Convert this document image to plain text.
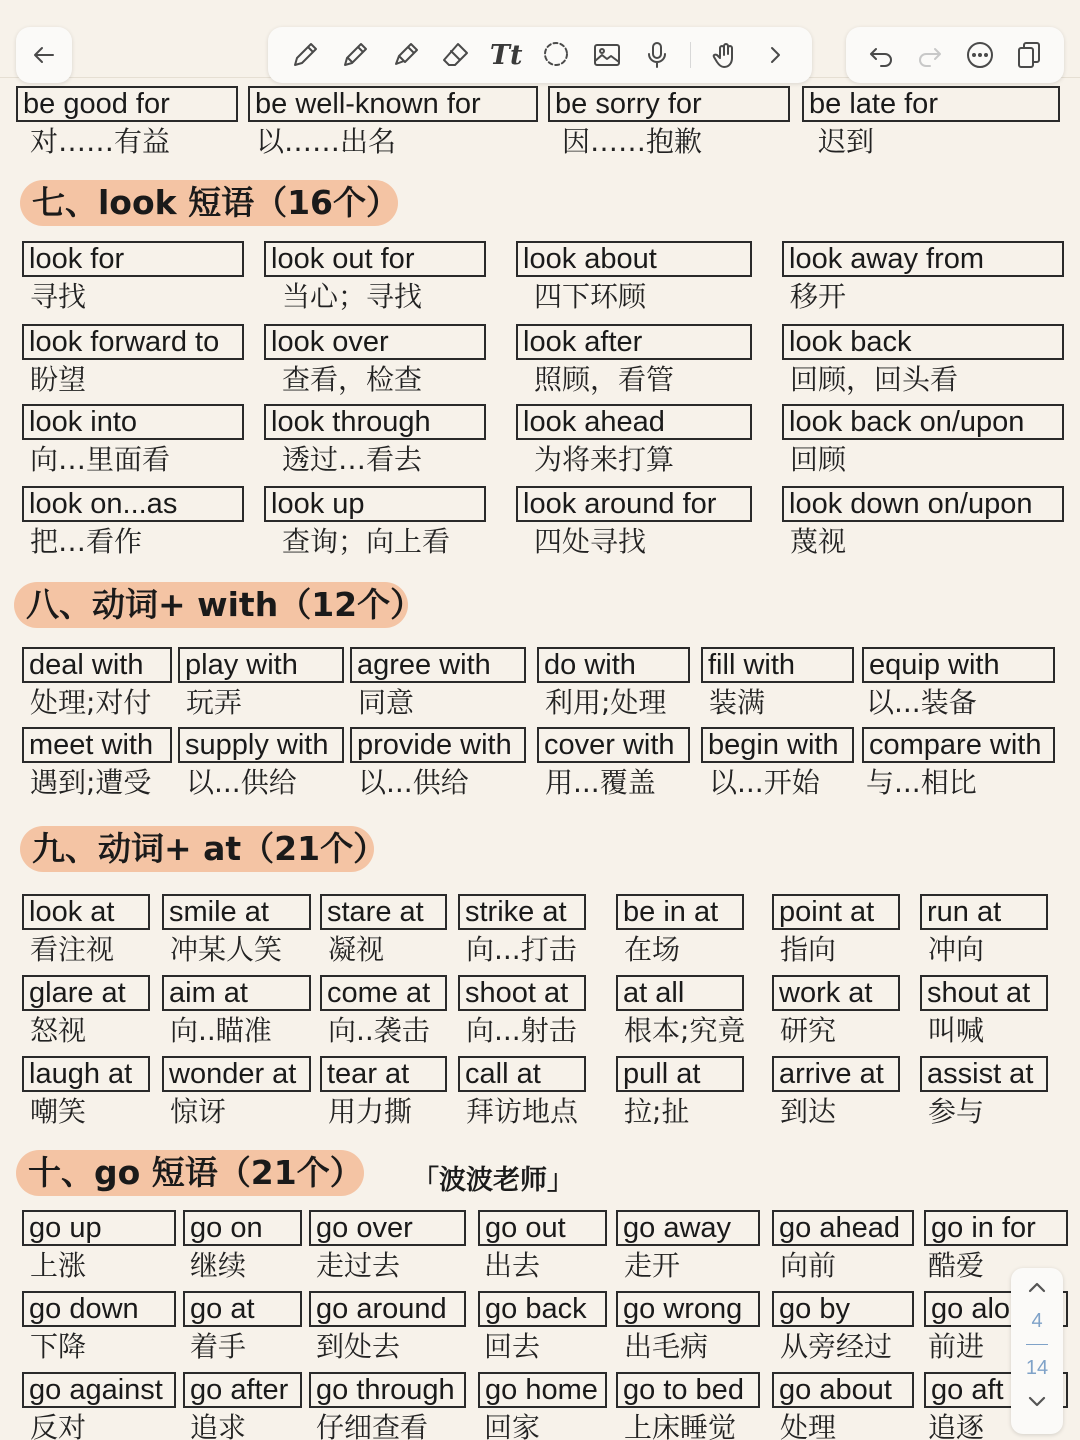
Tt
be good for
对……有益
be well-known for
以……出名
be sorry for
因……抱歉
be late for
迟到
七、look 短语（16个）
look for
寻找
look out for
当心；寻找
look about
四下环顾
look away from
移开
look forward to
盼望
look over
查看，检查
look after
照顾，看管
look back
回顾，回头看
look into
向…里面看
look through
透过…看去
look ahead
为将来打算
look back on/upon
回顾
look on...as
把…看作
look up
查询；向上看
look around for
四处寻找
look down on/upon
蔑视
八、动词+ with（12个）
deal with
处理;对付
play with
玩弄
agree with
同意
do with
利用;处理
fill with
装满
equip with
以...装备
meet with
遇到;遭受
supply with
以...供给
provide with
以...供给
cover with
用...覆盖
begin with
以...开始
compare with
与...相比
九、动词+ at（21个）
look at
看注视
smile at
冲某人笑
stare at
凝视
strike at
向...打击
be in at
在场
point at
指向
run at
冲向
glare at
怒视
aim at
向..瞄准
come at
向..袭击
shoot at
向...射击
at all
根本;究竟
work at
研究
shout at
叫喊
laugh at
嘲笑
wonder at
惊讶
tear at
用力撕
call at
拜访地点
pull at
拉;扯
arrive at
到达
assist at
参与
十、go 短语（21个） 「波波老师」
go up
上涨
go on
继续
go over
走过去
go out
出去
go away
走开
go ahead
向前
go in for
酷爱
go down
下降
go at
着手
go around
到处去
go back
回去
go wrong
出毛病
go by
从旁经过
go alo
前进
go against
反对
go after
追求
go through
仔细查看
go home
回家
go to bed
上床睡觉
go about
处理
go aft
追逐
4
14
